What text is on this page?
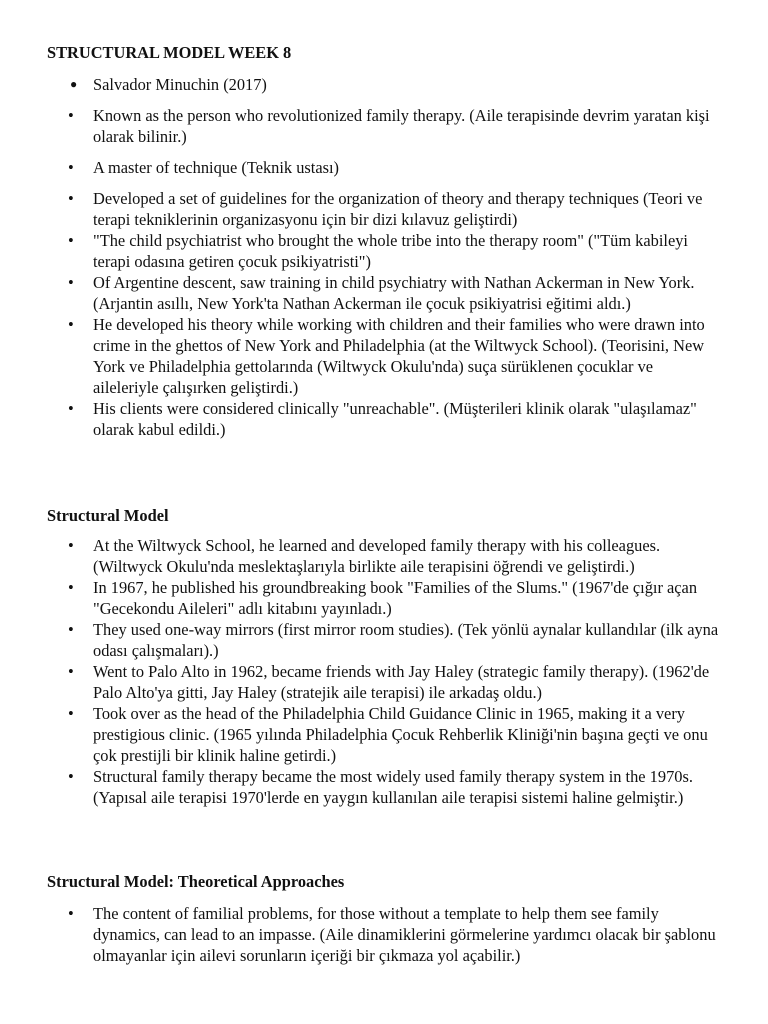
STRUCTURAL MODEL WEEK 8
● Salvador Minuchin (2017)
• Known as the person who revolutionized family therapy. (Aile terapisinde devrim yaratan kişi olarak bilinir.)
• A master of technique (Teknik ustası)
• Developed a set of guidelines for the organization of theory and therapy techniques (Teori ve terapi tekniklerinin organizasyonu için bir dizi kılavuz geliştirdi)
• "The child psychiatrist who brought the whole tribe into the therapy room" ("Tüm kabileyi terapi odasına getiren çocuk psikiyatristi")
• Of Argentine descent, saw training in child psychiatry with Nathan Ackerman in New York. (Arjantin asıllı, New York'ta Nathan Ackerman ile çocuk psikiyatrisi eğitimi aldı.)
• He developed his theory while working with children and their families who were drawn into crime in the ghettos of New York and Philadelphia (at the Wiltwyck School). (Teorisini, New York ve Philadelphia gettolarında (Wiltwyck Okulu'nda) suça sürüklenen çocuklar ve aileleriyle çalışırken geliştirdi.)
• His clients were considered clinically "unreachable". (Müşterileri klinik olarak "ulaşılamaz" olarak kabul edildi.)
Structural Model
• At the Wiltwyck School, he learned and developed family therapy with his colleagues. (Wiltwyck Okulu'nda meslektaşlarıyla birlikte aile terapisini öğrendi ve geliştirdi.)
• In 1967, he published his groundbreaking book "Families of the Slums." (1967'de çığır açan "Gecekondu Aileleri" adlı kitabını yayınladı.)
• They used one-way mirrors (first mirror room studies). (Tek yönlü aynalar kullandılar (ilk ayna odası çalışmaları).)
• Went to Palo Alto in 1962, became friends with Jay Haley (strategic family therapy). (1962'de Palo Alto'ya gitti, Jay Haley (stratejik aile terapisi) ile arkadaş oldu.)
• Took over as the head of the Philadelphia Child Guidance Clinic in 1965, making it a very prestigious clinic. (1965 yılında Philadelphia Çocuk Rehberlik Kliniği'nin başına geçti ve onu çok prestijli bir klinik haline getirdi.)
• Structural family therapy became the most widely used family therapy system in the 1970s. (Yapısal aile terapisi 1970'lerde en yaygın kullanılan aile terapisi sistemi haline gelmiştir.)
Structural Model: Theoretical Approaches
• The content of familial problems, for those without a template to help them see family dynamics, can lead to an impasse. (Aile dinamiklerini görmelerine yardımcı olacak bir şablonu olmayanlar için ailevi sorunların içeriği bir çıkmaza yol açabilir.)
